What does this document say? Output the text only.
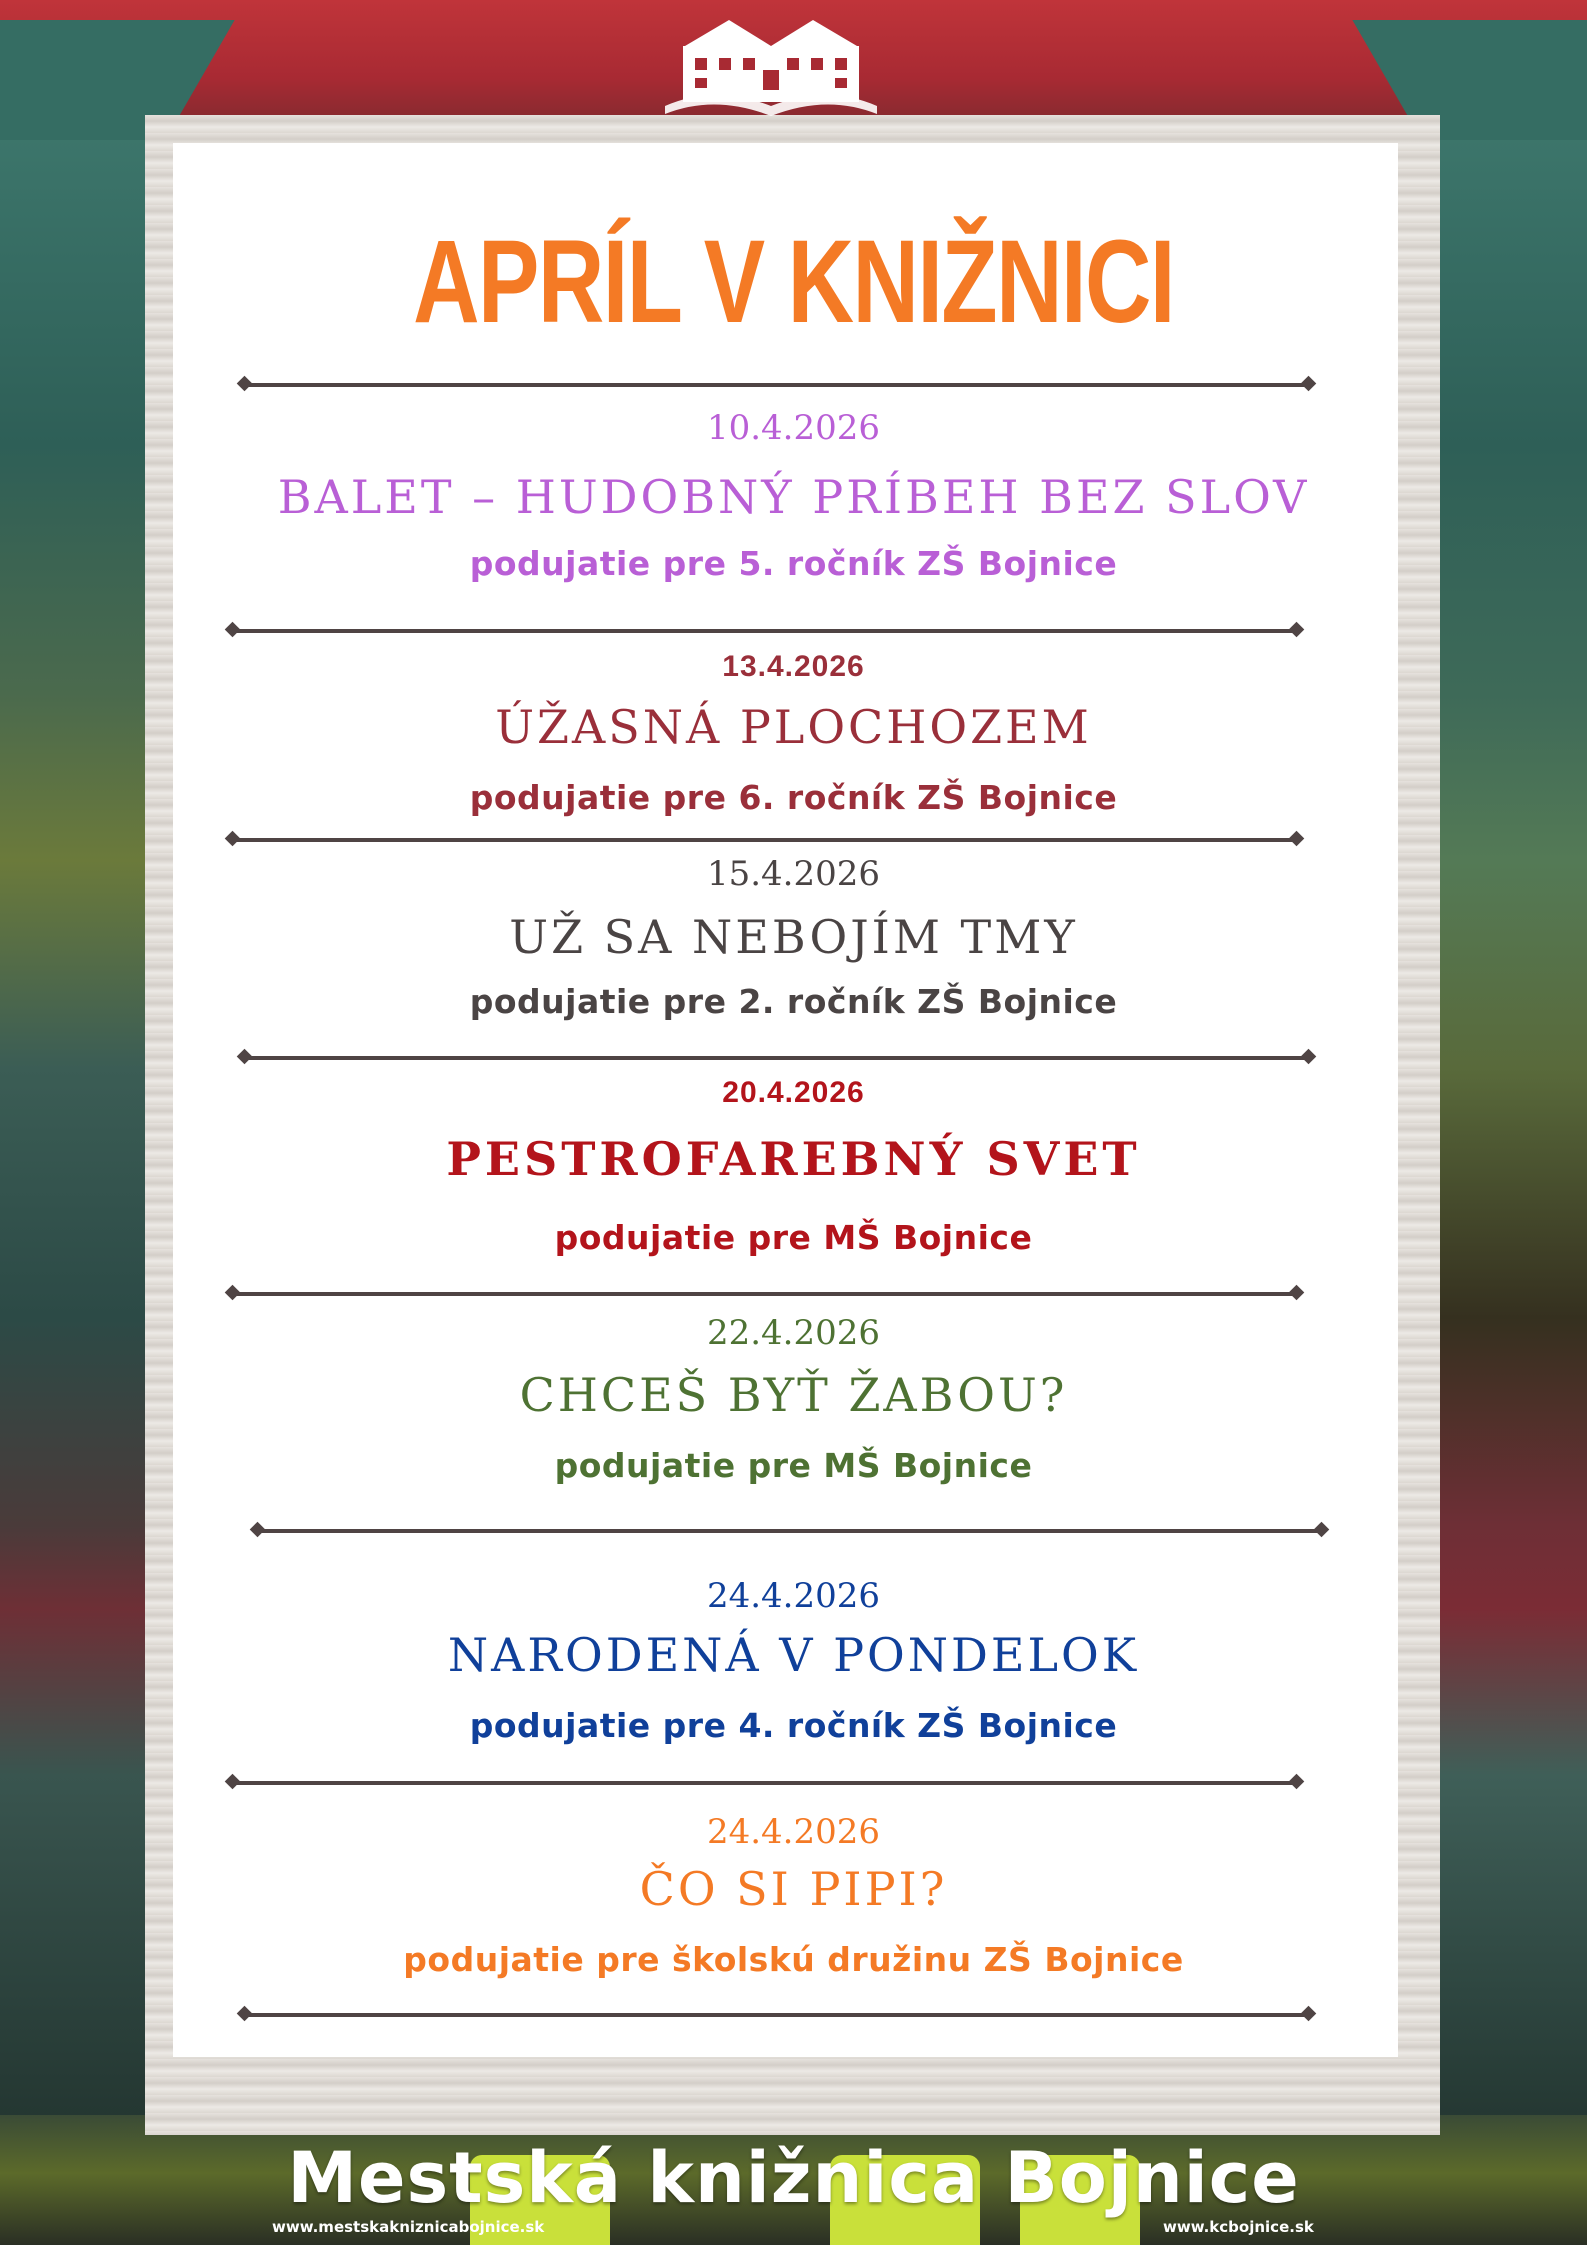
APRÍL V KNIŽNICI
10.4.2026
BALET – HUDOBNÝ PRÍBEH BEZ SLOV
podujatie pre 5. ročník ZŠ Bojnice
13.4.2026
ÚŽASNÁ PLOCHOZEM
podujatie pre 6. ročník ZŠ Bojnice
15.4.2026
UŽ SA NEBOJÍM TMY
podujatie pre 2. ročník ZŠ Bojnice
20.4.2026
PESTROFAREBNÝ SVET
podujatie pre MŠ Bojnice
22.4.2026
CHCEŠ BYŤ ŽABOU?
podujatie pre MŠ Bojnice
24.4.2026
NARODENÁ V PONDELOK
podujatie pre 4. ročník ZŠ Bojnice
24.4.2026
ČO SI PIPI?
podujatie pre školskú družinu ZŠ Bojnice
Mestská knižnica Bojnice
www.mestskakniznicabojnice.sk	www.kcbojnice.sk
